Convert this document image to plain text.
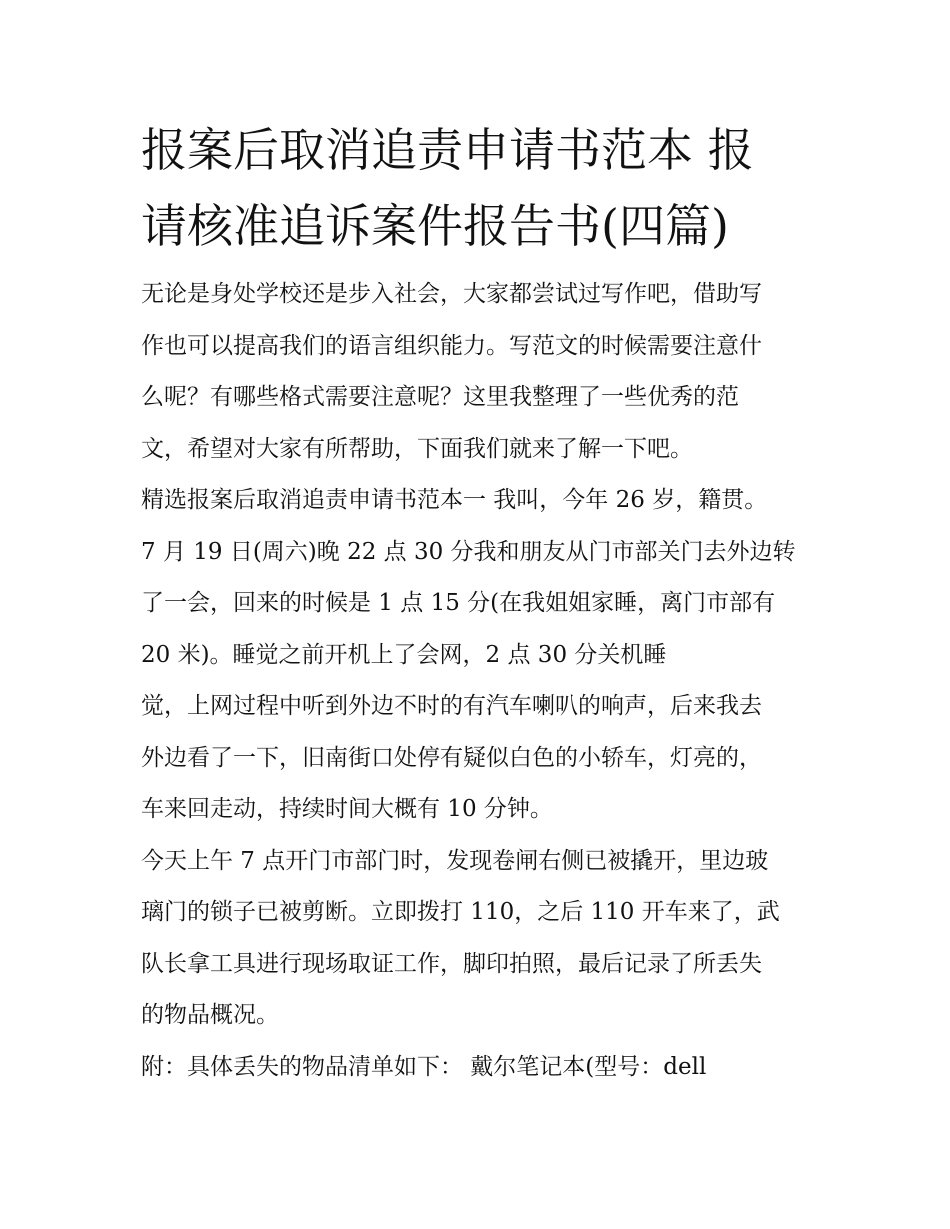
报案后取消追责申请书范本 报
请核准追诉案件报告书(四篇)

无论是身处学校还是步入社会，大家都尝试过写作吧，借助写
作也可以提高我们的语言组织能力。写范文的时候需要注意什
么呢？有哪些格式需要注意呢？这里我整理了一些优秀的范
文，希望对大家有所帮助，下面我们就来了解一下吧。

精选报案后取消追责申请书范本一 我叫，今年 26 岁，籍贯。
7 月 19 日(周六)晚 22 点 30 分我和朋友从门市部关门去外边转
了一会，回来的时候是 1 点 15 分(在我姐姐家睡，离门市部有
20 米)。睡觉之前开机上了会网，2 点 30 分关机睡

觉，上网过程中听到外边不时的有汽车喇叭的响声，后来我去
外边看了一下，旧南街口处停有疑似白色的小轿车，灯亮的，
车来回走动，持续时间大概有 10 分钟。

今天上午 7 点开门市部门时，发现卷闸右侧已被撬开，里边玻
璃门的锁子已被剪断。立即拨打 110，之后 110 开车来了，武
队长拿工具进行现场取证工作，脚印拍照，最后记录了所丢失
的物品概况。

附：具体丢失的物品清单如下： 戴尔笔记本(型号：dell
